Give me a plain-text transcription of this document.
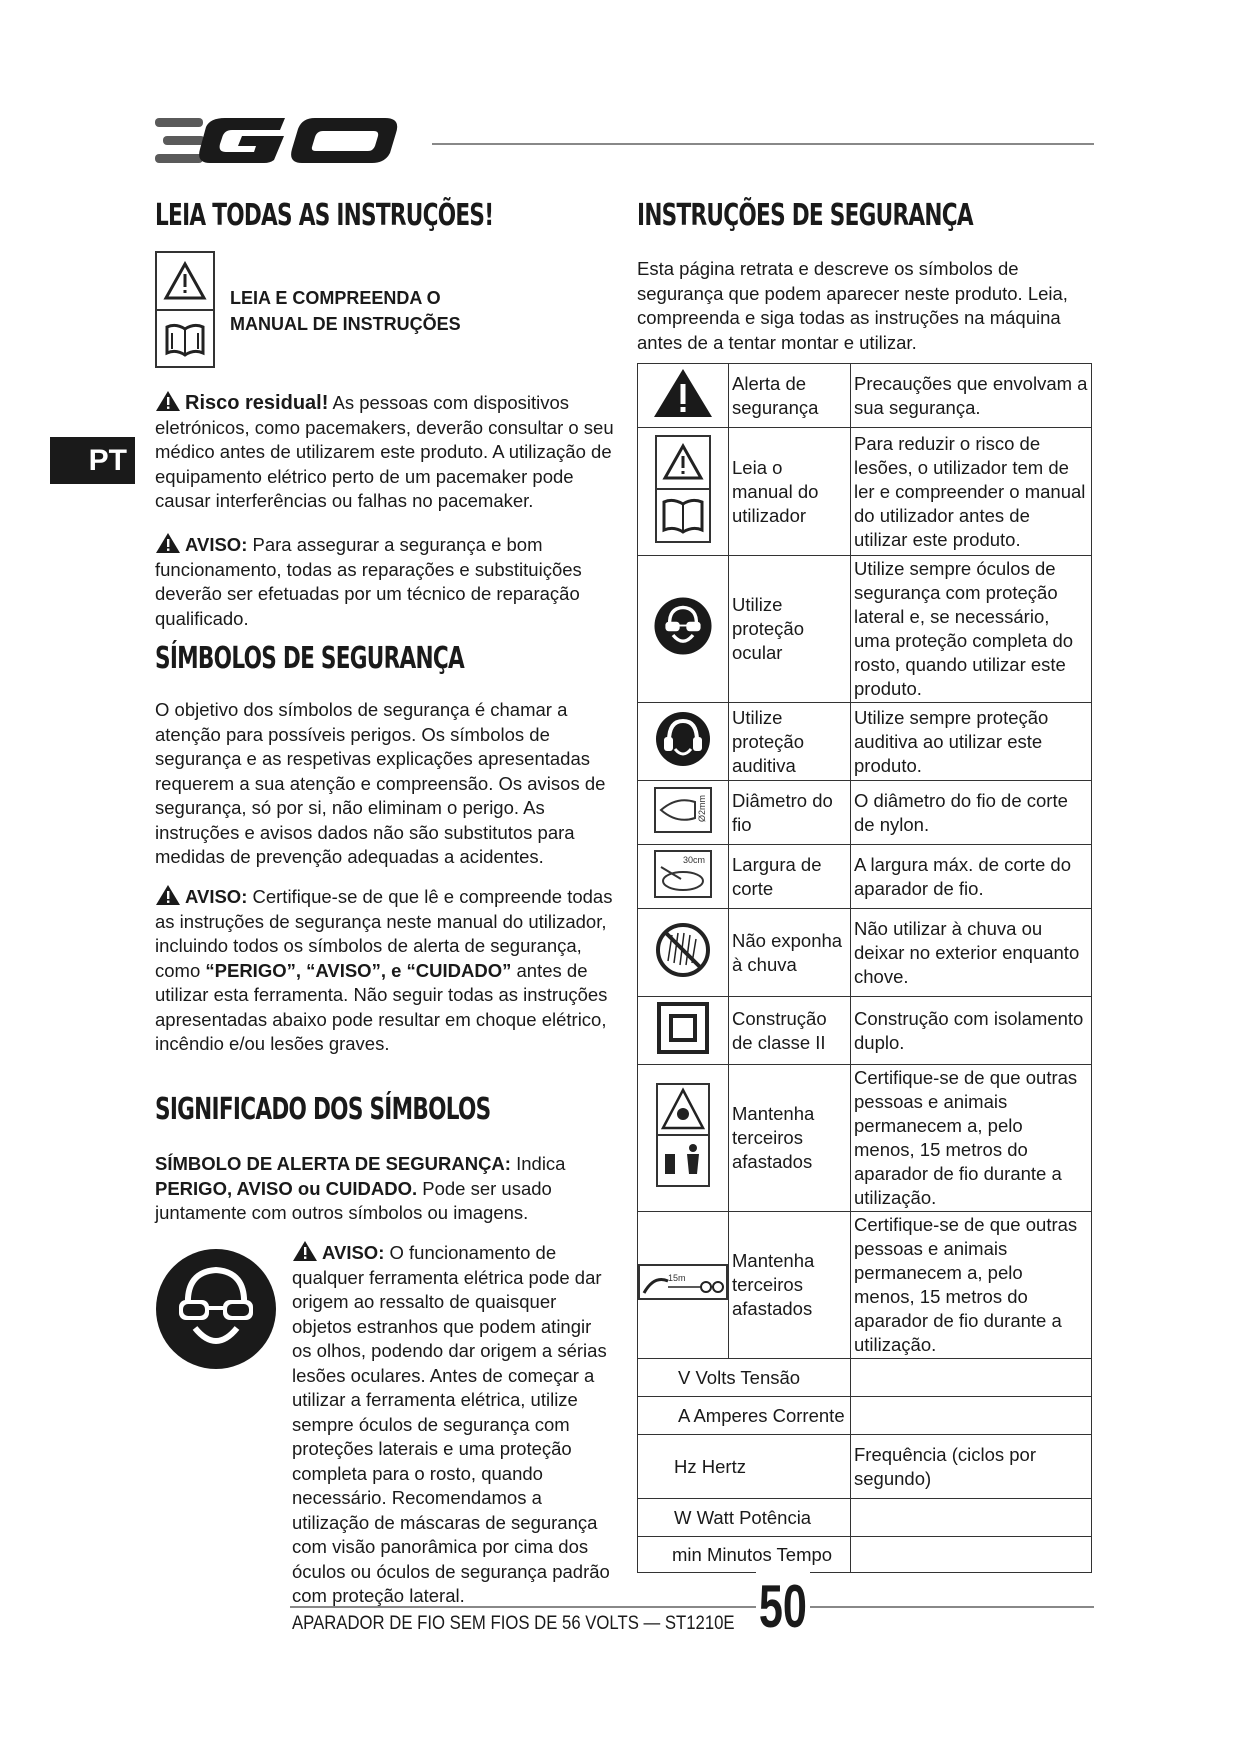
EGO
PT
LEIA TODAS AS INSTRUÇÕES!
LEIA E COMPREENDA O
MANUAL DE INSTRUÇÕES

Risco residual! As pessoas com dispositivos eletrónicos, como pacemakers, deverão consultar o seu médico antes de utilizarem este produto. A utilização de equipamento elétrico perto de um pacemaker pode causar interferências ou falhas no pacemaker.

AVISO: Para assegurar a segurança e bom funcionamento, todas as reparações e substituições deverão ser efetuadas por um técnico de reparação qualificado.

SÍMBOLOS DE SEGURANÇA

O objetivo dos símbolos de segurança é chamar a atenção para possíveis perigos. Os símbolos de segurança e as respetivas explicações apresentadas requerem a sua atenção e compreensão. Os avisos de segurança, só por si, não eliminam o perigo. As instruções e avisos dados não são substitutos para medidas de prevenção adequadas a acidentes.

AVISO: Certifique-se de que lê e compreende todas as instruções de segurança neste manual do utilizador, incluindo todos os símbolos de alerta de segurança, como “PERIGO”, “AVISO”, e “CUIDADO” antes de utilizar esta ferramenta. Não seguir todas as instruções apresentadas abaixo pode resultar em choque elétrico, incêndio e/ou lesões graves.

SIGNIFICADO DOS SÍMBOLOS

SÍMBOLO DE ALERTA DE SEGURANÇA: Indica PERIGO, AVISO ou CUIDADO. Pode ser usado juntamente com outros símbolos ou imagens.

AVISO: O funcionamento de qualquer ferramenta elétrica pode dar origem ao ressalto de quaisquer objetos estranhos que podem atingir os olhos, podendo dar origem a sérias lesões oculares. Antes de começar a utilizar a ferramenta elétrica, utilize sempre óculos de segurança com proteções laterais e uma proteção completa para o rosto, quando necessário. Recomendamos a utilização de máscaras de segurança com visão panorâmica por cima dos óculos ou óculos de segurança padrão com proteção lateral.

INSTRUÇÕES DE SEGURANÇA

Esta página retrata e descreve os símbolos de segurança que podem aparecer neste produto. Leia, compreenda e siga todas as instruções na máquina antes de a tentar montar e utilizar.

	Alerta de segurança	Precauções que envolvam a sua segurança.
	Leia o manual do utilizador	Para reduzir o risco de lesões, o utilizador tem de ler e compreender o manual do utilizador antes de utilizar este produto.
	Utilize proteção ocular	Utilize sempre óculos de segurança com proteção lateral e, se necessário, uma proteção completa do rosto, quando utilizar este produto.
	Utilize proteção auditiva	Utilize sempre proteção auditiva ao utilizar este produto.

Ø2mm	Diâmetro do fio	O diâmetro do fio de corte de nylon.

30cm	Largura de corte	A largura máx. de corte do aparador de fio.
	Não exponha à chuva	Não utilizar à chuva ou deixar no exterior enquanto chove.
	Construção de classe II	Construção com isolamento duplo.
	Mantenha terceiros afastados	Certifique-se de que outras pessoas e animais permanecem a, pelo menos, 15 metros do aparador de fio durante a utilização.

15m	Mantenha terceiros afastados	Certifique-se de que outras pessoas e animais permanecem a, pelo menos, 15 metros do aparador de fio durante a utilização.
V Volts Tensão		
A Amperes Corrente		
Hz Hertz		Frequência (ciclos por segundo)
W Watt Potência		
min Minutos Tempo		
APARADOR DE FIO SEM FIOS DE 56 VOLTS — ST1210E 50
